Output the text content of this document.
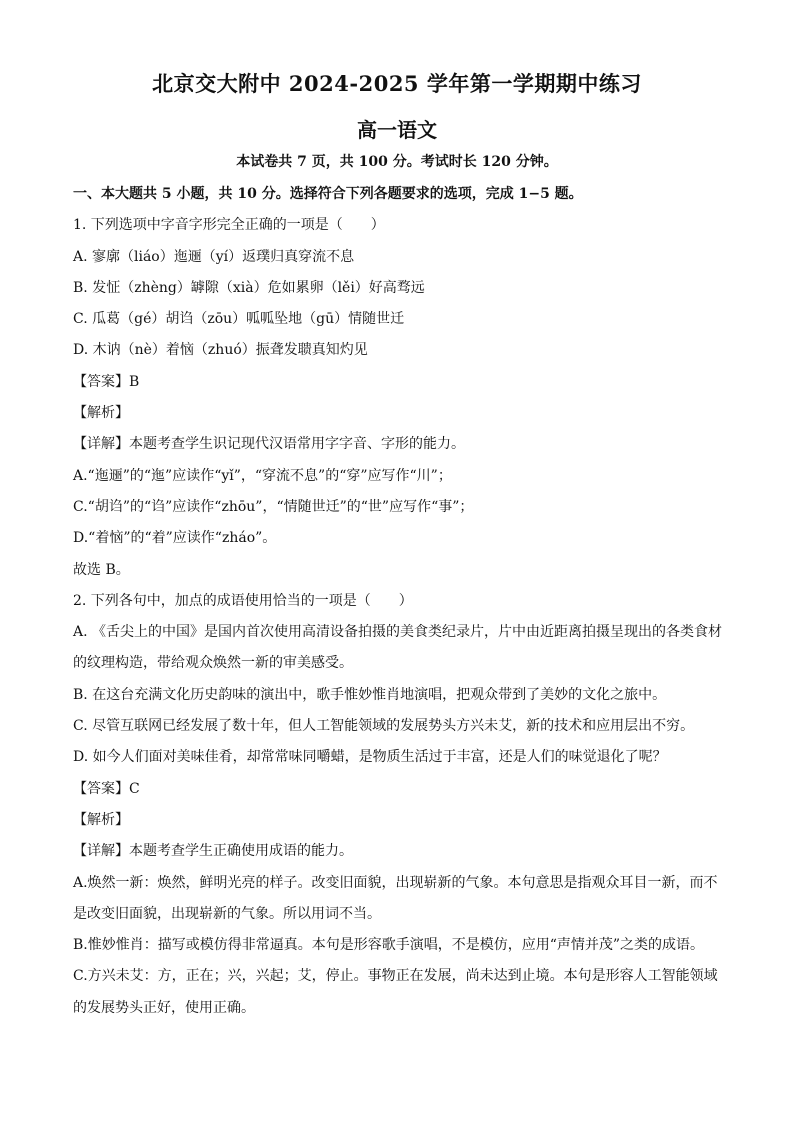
北京交大附中 2024-2025 学年第一学期期中练习
高一语文
本试卷共 7 页，共 100 分。考试时长 120 分钟。
一、本大题共 5 小题，共 10 分。选择符合下列各题要求的选项，完成 1−5 题。
1. 下列选项中字音字形完全正确的一项是（　　）
A. 寥廓（liáo）迤逦（yí）返璞归真穿流不息
B. 发怔（zhèng）罅隙（xià）危如累卵（lěi）好高骛远
C. 瓜葛（gé）胡诌（zōu）呱呱坠地（gū）情随世迁
D. 木讷（nè）着恼（zhuó）振聋发聩真知灼见
【答案】B
【解析】
【详解】本题考查学生识记现代汉语常用字字音、字形的能力。
A.“迤逦”的“迤”应读作“yǐ”，“穿流不息”的“穿”应写作“川”；
C.“胡诌”的“诌”应读作“zhōu”，“情随世迁”的“世”应写作“事”；
D.“着恼”的“着”应读作“zháo”。
故选 B。
2. 下列各句中，加点的成语使用恰当的一项是（　　）
A. 《舌尖上的中国》是国内首次使用高清设备拍摄的美食类纪录片，片中由近距离拍摄呈现出的各类食材
的纹理构造，带给观众焕然一新的审美感受。
B. 在这台充满文化历史韵味的演出中，歌手惟妙惟肖地演唱，把观众带到了美妙的文化之旅中。
C. 尽管互联网已经发展了数十年，但人工智能领域的发展势头方兴未艾，新的技术和应用层出不穷。
D. 如今人们面对美味佳肴，却常常味同嚼蜡，是物质生活过于丰富，还是人们的味觉退化了呢？
【答案】C
【解析】
【详解】本题考查学生正确使用成语的能力。
A.焕然一新：焕然，鲜明光亮的样子。改变旧面貌，出现崭新的气象。本句意思是指观众耳目一新，而不
是改变旧面貌，出现崭新的气象。所以用词不当。
B.惟妙惟肖：描写或模仿得非常逼真。本句是形容歌手演唱，不是模仿，应用“声情并茂”之类的成语。
C.方兴未艾：方，正在；兴，兴起；艾，停止。事物正在发展，尚未达到止境。本句是形容人工智能领域
的发展势头正好，使用正确。
